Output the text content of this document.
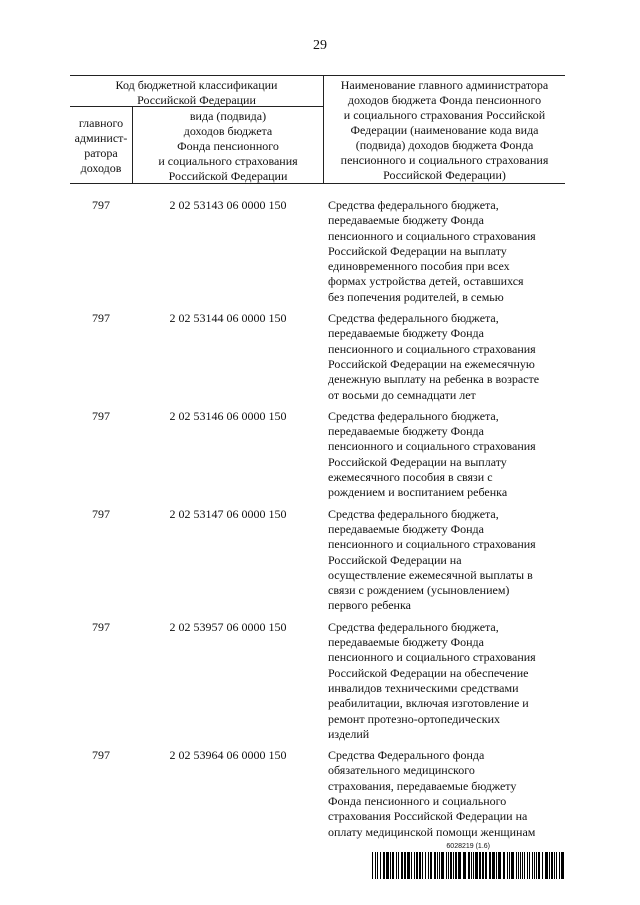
29
Код бюджетной классификации
Российской Федерации
главного
админист-
ратора
доходов
вида (подвида)
доходов бюджета
Фонда пенсионного
и социального страхования
Российской Федерации
Наименование главного администратора
доходов бюджета Фонда пенсионного
и социального страхования Российской
Федерации (наименование кода вида
(подвида) доходов бюджета Фонда
пенсионного и социального страхования
Российской Федерации)
797	2 02 53143 06 0000 150	Средства федерального бюджета,
передаваемые бюджету Фонда
пенсионного и социального страхования
Российской Федерации на выплату
единовременного пособия при всех
формах устройства детей, оставшихся
без попечения родителей, в семью
797	2 02 53144 06 0000 150	Средства федерального бюджета,
передаваемые бюджету Фонда
пенсионного и социального страхования
Российской Федерации на ежемесячную
денежную выплату на ребенка в возрасте
от восьми до семнадцати лет
797	2 02 53146 06 0000 150	Средства федерального бюджета,
передаваемые бюджету Фонда
пенсионного и социального страхования
Российской Федерации на выплату
ежемесячного пособия в связи с
рождением и воспитанием ребенка
797	2 02 53147 06 0000 150	Средства федерального бюджета,
передаваемые бюджету Фонда
пенсионного и социального страхования
Российской Федерации на
осуществление ежемесячной выплаты в
связи с рождением (усыновлением)
первого ребенка
797	2 02 53957 06 0000 150	Средства федерального бюджета,
передаваемые бюджету Фонда
пенсионного и социального страхования
Российской Федерации на обеспечение
инвалидов техническими средствами
реабилитации, включая изготовление и
ремонт протезно-ортопедических
изделий
797	2 02 53964 06 0000 150	Средства Федерального фонда
обязательного медицинского
страхования, передаваемые бюджету
Фонда пенсионного и социального
страхования Российской Федерации на
оплату медицинской помощи женщинам
6028219 (1.6)
